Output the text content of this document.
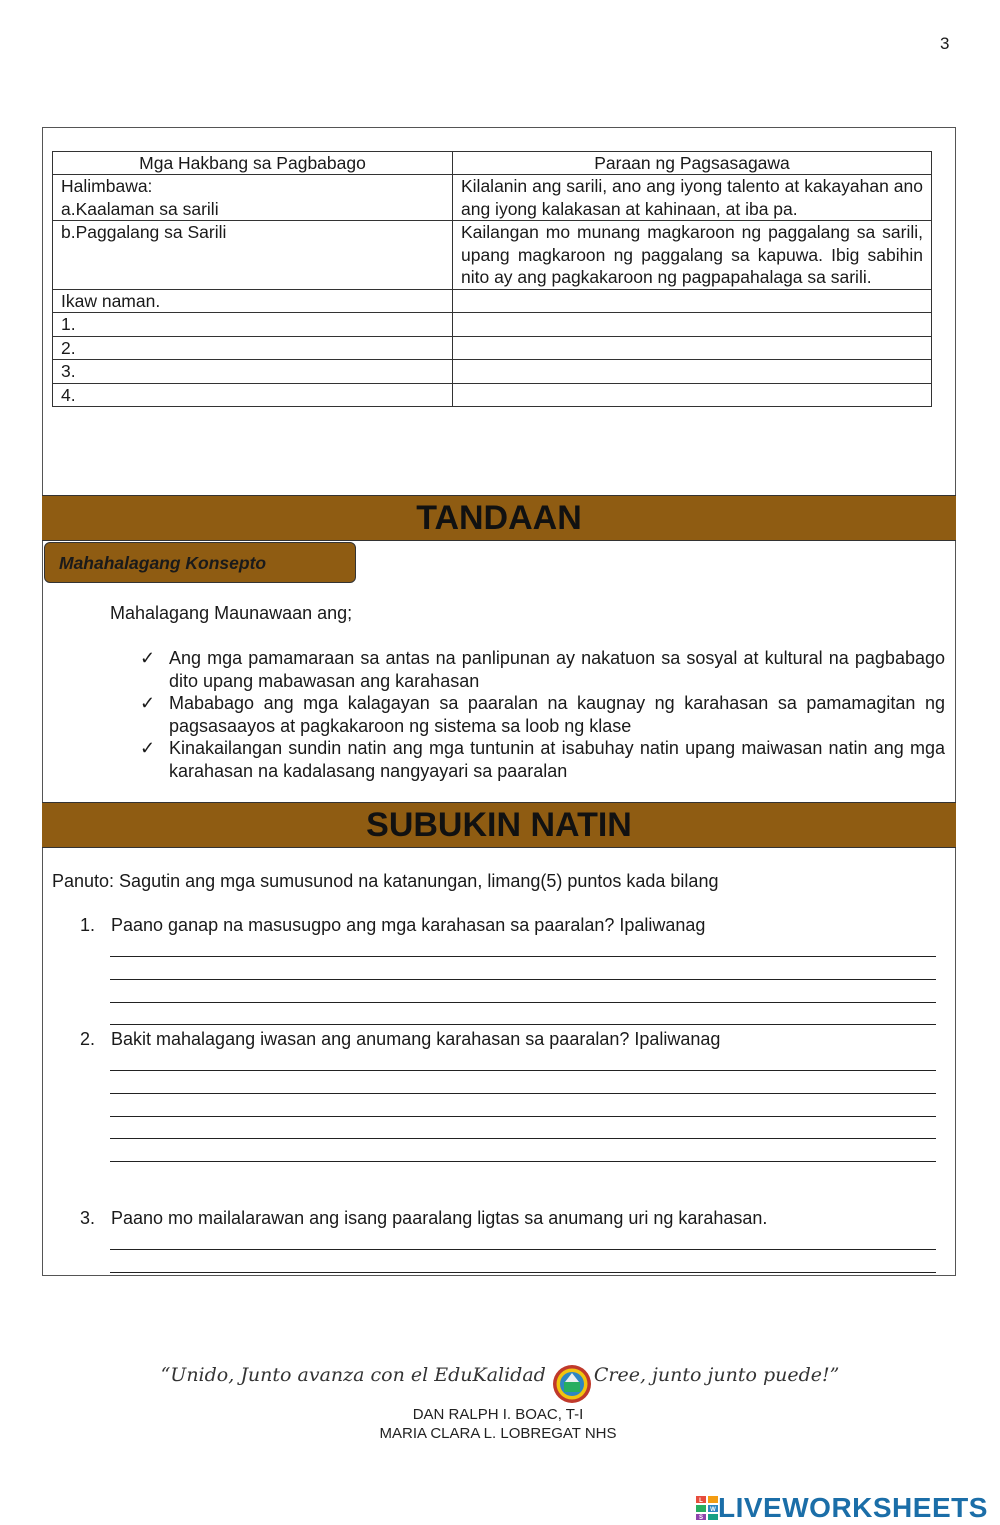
3
Mga Hakbang sa Pagbabago	Paraan ng Pagsasagawa

Halimbawa:
a.Kaalaman sa sarili	Kilalanin ang sarili, ano ang iyong talento at kakayahan ano ang iyong kalakasan at kahinaan, at iba pa.
b.Paggalang sa Sarili	Kailangan mo munang magkaroon ng paggalang sa sarili, upang magkaroon ng paggalang sa kapuwa. Ibig sabihin nito ay ang pagkakaroon ng pagpapahalaga sa sarili.
Ikaw naman.	
1.	
2.	
3.	
4.	
TANDAAN
Mahahalagang Konsepto
Mahalagang Maunawaan ang;
✓ Ang mga pamamaraan sa antas na panlipunan ay nakatuon sa sosyal at kultural na pagbabago dito upang mabawasan ang karahasan
✓ Mababago ang mga kalagayan sa paaralan na kaugnay ng karahasan sa pamamagitan ng pagsasaayos at pagkakaroon ng sistema sa loob ng klase
✓ Kinakailangan sundin natin ang mga tuntunin at isabuhay natin upang maiwasan natin ang mga karahasan na kadalasang nangyayari sa paaralan
SUBUKIN NATIN
Panuto: Sagutin ang mga sumusunod na katanungan, limang(5) puntos kada bilang
1. Paano ganap na masusugpo ang mga karahasan sa paaralan? Ipaliwanag
2. Bakit mahalagang iwasan ang anumang karahasan sa paaralan? Ipaliwanag
3. Paano mo mailalarawan ang isang paaralang ligtas sa anumang uri ng karahasan.
“Unido, Junto avanza con el EduKalidad	Cree, junto junto puede!”
DAN RALPH I. BOAC, T-I
MARIA CLARA L. LOBREGAT NHS
L
W
S LIVEWORKSHEETS
